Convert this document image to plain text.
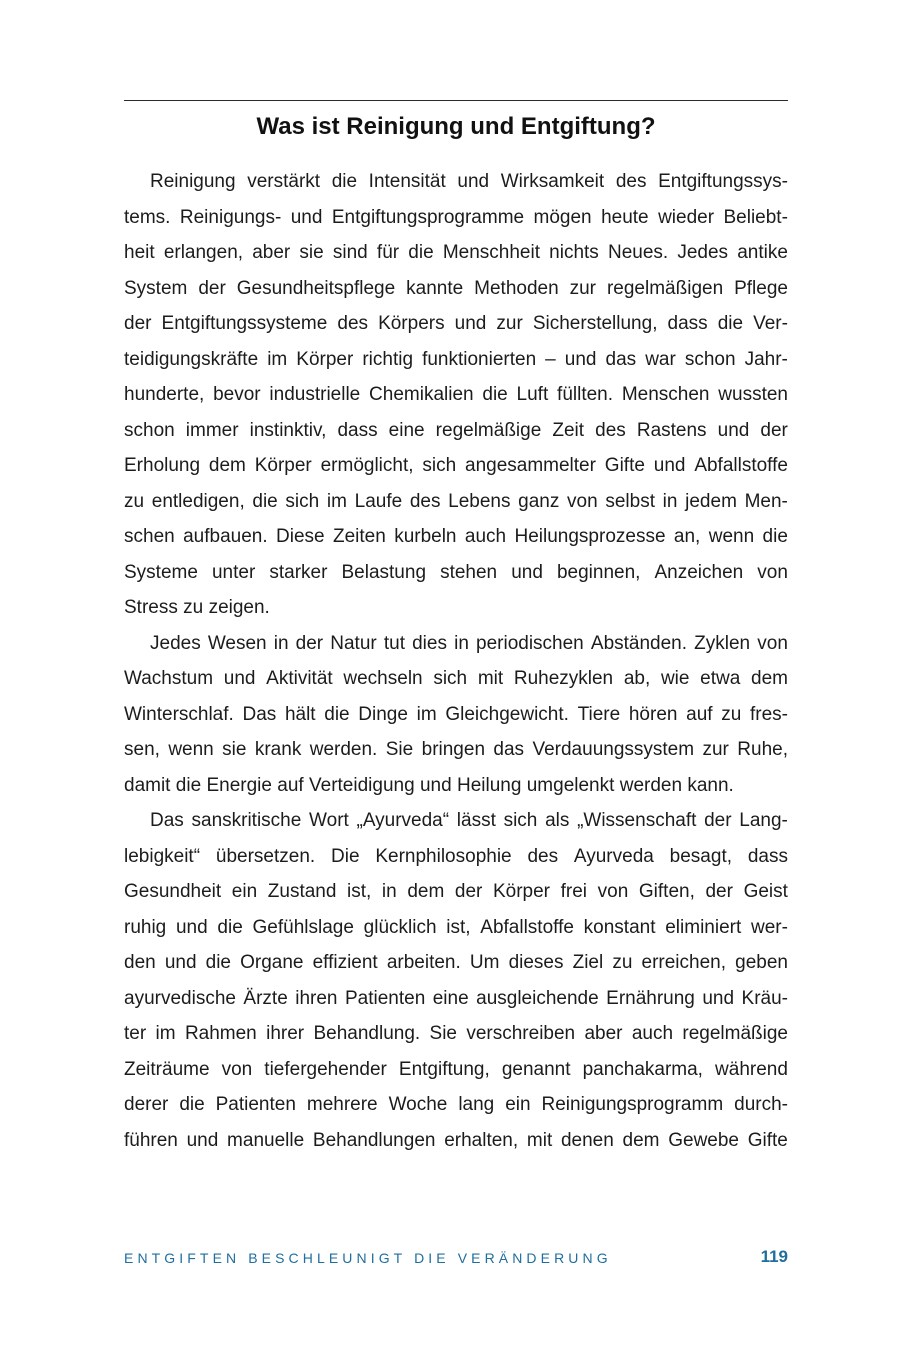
Was ist Reinigung und Entgiftung?
Reinigung verstärkt die Intensität und Wirksamkeit des Entgiftungssys-
tems. Reinigungs- und Entgiftungsprogramme mögen heute wieder Beliebt-
heit erlangen, aber sie sind für die Menschheit nichts Neues. Jedes antike
System der Gesundheitspflege kannte Methoden zur regelmäßigen Pflege
der Entgiftungssysteme des Körpers und zur Sicherstellung, dass die Ver-
teidigungskräfte im Körper richtig funktionierten – und das war schon Jahr-
hunderte, bevor industrielle Chemikalien die Luft füllten. Menschen wussten
schon immer instinktiv, dass eine regelmäßige Zeit des Rastens und der
Erholung dem Körper ermöglicht, sich angesammelter Gifte und Abfallstoffe
zu entledigen, die sich im Laufe des Lebens ganz von selbst in jedem Men-
schen aufbauen. Diese Zeiten kurbeln auch Heilungsprozesse an, wenn die
Systeme unter starker Belastung stehen und beginnen, Anzeichen von
Stress zu zeigen.
Jedes Wesen in der Natur tut dies in periodischen Abständen. Zyklen von
Wachstum und Aktivität wechseln sich mit Ruhezyklen ab, wie etwa dem
Winterschlaf. Das hält die Dinge im Gleichgewicht. Tiere hören auf zu fres-
sen, wenn sie krank werden. Sie bringen das Verdauungssystem zur Ruhe,
damit die Energie auf Verteidigung und Heilung umgelenkt werden kann.
Das sanskritische Wort „Ayurveda“ lässt sich als „Wissenschaft der Lang-
lebigkeit“ übersetzen. Die Kernphilosophie des Ayurveda besagt, dass
Gesundheit ein Zustand ist, in dem der Körper frei von Giften, der Geist
ruhig und die Gefühlslage glücklich ist, Abfallstoffe konstant eliminiert wer-
den und die Organe effizient arbeiten. Um dieses Ziel zu erreichen, geben
ayurvedische Ärzte ihren Patienten eine ausgleichende Ernährung und Kräu-
ter im Rahmen ihrer Behandlung. Sie verschreiben aber auch regelmäßige
Zeiträume von tiefergehender Entgiftung, genannt panchakarma, während
derer die Patienten mehrere Woche lang ein Reinigungsprogramm durch-
führen und manuelle Behandlungen erhalten, mit denen dem Gewebe Gifte
ENTGIFTEN BESCHLEUNIGT DIE VERÄNDERUNG	119
